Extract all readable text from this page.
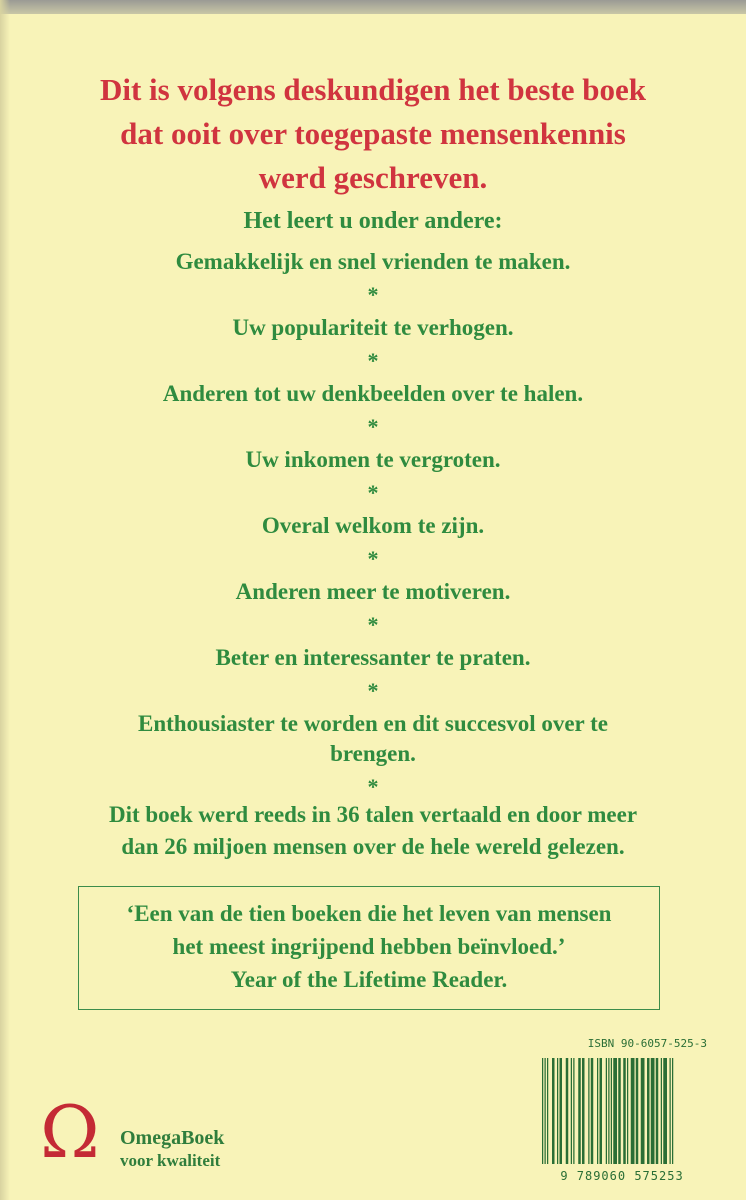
Dit is volgens deskundigen het beste boek
dat ooit over toegepaste mensenkennis
werd geschreven.
Het leert u onder andere:
Gemakkelijk en snel vrienden te maken.
*
Uw populariteit te verhogen.
*
Anderen tot uw denkbeelden over te halen.
*
Uw inkomen te vergroten.
*
Overal welkom te zijn.
*
Anderen meer te motiveren.
*
Beter en interessanter te praten.
*
Enthousiaster te worden en dit succesvol over te
brengen.
*
Dit boek werd reeds in 36 talen vertaald en door meer
dan 26 miljoen mensen over de hele wereld gelezen.
‘Een van de tien boeken die het leven van mensen
het meest ingrijpend hebben beïnvloed.’
Year of the Lifetime Reader.
Ω OmegaBoek
voor kwaliteit
ISBN 90-6057-525-3
9 789060 575253
